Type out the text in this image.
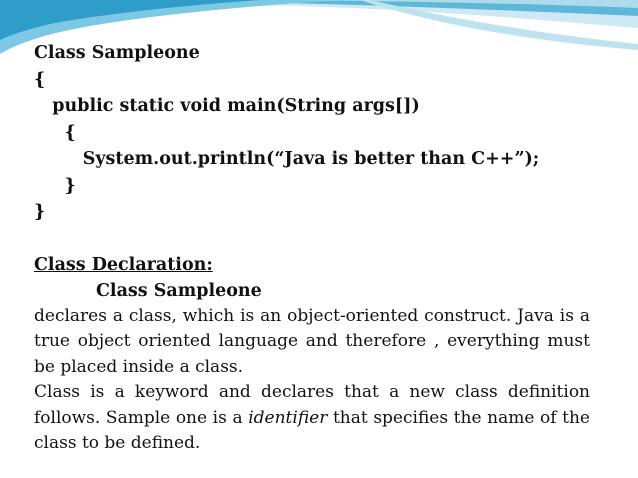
Class Sampleone
{
public static void main(String args[])
{
System.out.println(“Java is better than C++”);
}
}
Class Declaration:
Class Sampleone
declares a class, which is an object-oriented construct. Java is a true object oriented language and therefore , everything must be placed inside a class.
Class is a keyword and declares that a new class definition follows. Sample one is a identifier that specifies the name of the class to be defined.
